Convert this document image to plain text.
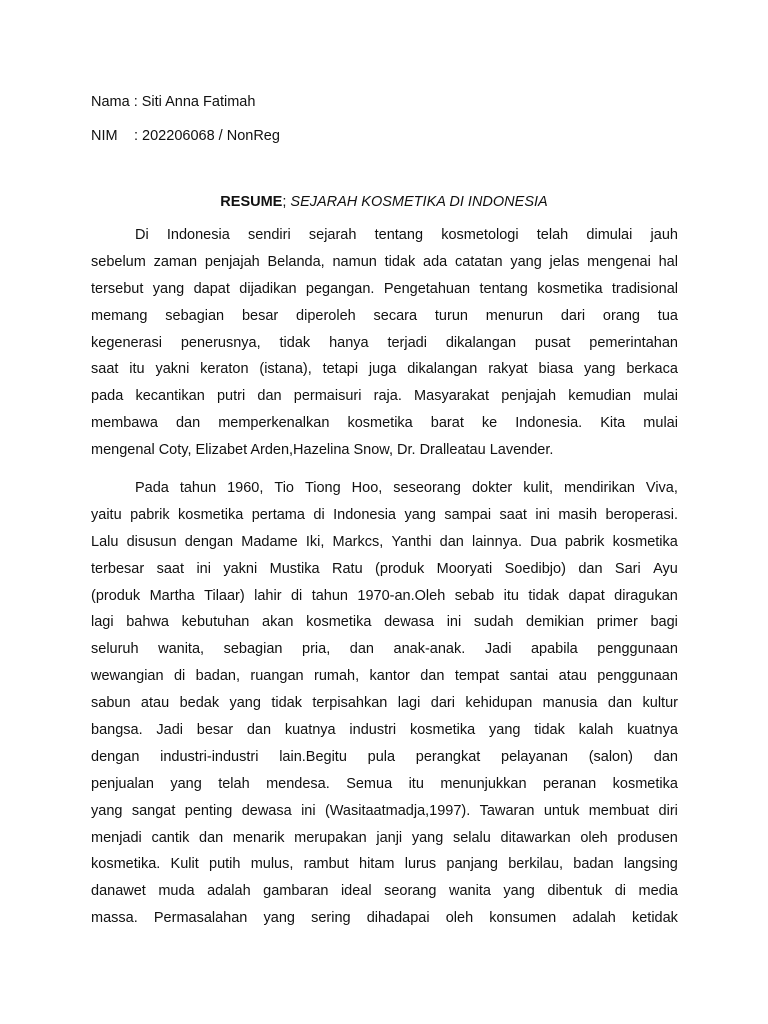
Nama : Siti Anna Fatimah
NIM : 202206068 / NonReg
RESUME; SEJARAH KOSMETIKA DI INDONESIA
Di Indonesia sendiri sejarah tentang kosmetologi telah dimulai jauh
sebelum zaman penjajah Belanda, namun tidak ada catatan yang jelas mengenai hal
tersebut yang dapat dijadikan pegangan. Pengetahuan tentang kosmetika tradisional
memang sebagian besar diperoleh secara turun menurun dari orang tua
kegenerasi penerusnya, tidak hanya terjadi dikalangan pusat pemerintahan
saat itu yakni keraton (istana), tetapi juga dikalangan rakyat biasa yang berkaca
pada kecantikan putri dan permaisuri raja. Masyarakat penjajah kemudian mulai
membawa dan memperkenalkan kosmetika barat ke Indonesia. Kita mulai
mengenal Coty, Elizabet Arden,Hazelina Snow, Dr. Dralleatau Lavender.
Pada tahun 1960, Tio Tiong Hoo, seseorang dokter kulit, mendirikan Viva,
yaitu pabrik kosmetika pertama di Indonesia yang sampai saat ini masih beroperasi.
Lalu disusun dengan Madame Iki, Markcs, Yanthi dan lainnya. Dua pabrik kosmetika
terbesar saat ini yakni Mustika Ratu (produk Mooryati Soedibjo) dan Sari Ayu
(produk Martha Tilaar) lahir di tahun 1970-an.Oleh sebab itu tidak dapat diragukan
lagi bahwa kebutuhan akan kosmetika dewasa ini sudah demikian primer bagi
seluruh wanita, sebagian pria, dan anak-anak. Jadi apabila penggunaan
wewangian di badan, ruangan rumah, kantor dan tempat santai atau penggunaan
sabun atau bedak yang tidak terpisahkan lagi dari kehidupan manusia dan kultur
bangsa. Jadi besar dan kuatnya industri kosmetika yang tidak kalah kuatnya
dengan industri-industri lain.Begitu pula perangkat pelayanan (salon) dan
penjualan yang telah mendesa. Semua itu menunjukkan peranan kosmetika
yang sangat penting dewasa ini (Wasitaatmadja,1997). Tawaran untuk membuat diri
menjadi cantik dan menarik merupakan janji yang selalu ditawarkan oleh produsen
kosmetika. Kulit putih mulus, rambut hitam lurus panjang berkilau, badan langsing
danawet muda adalah gambaran ideal seorang wanita yang dibentuk di media
massa. Permasalahan yang sering dihadapai oleh konsumen adalah ketidak
